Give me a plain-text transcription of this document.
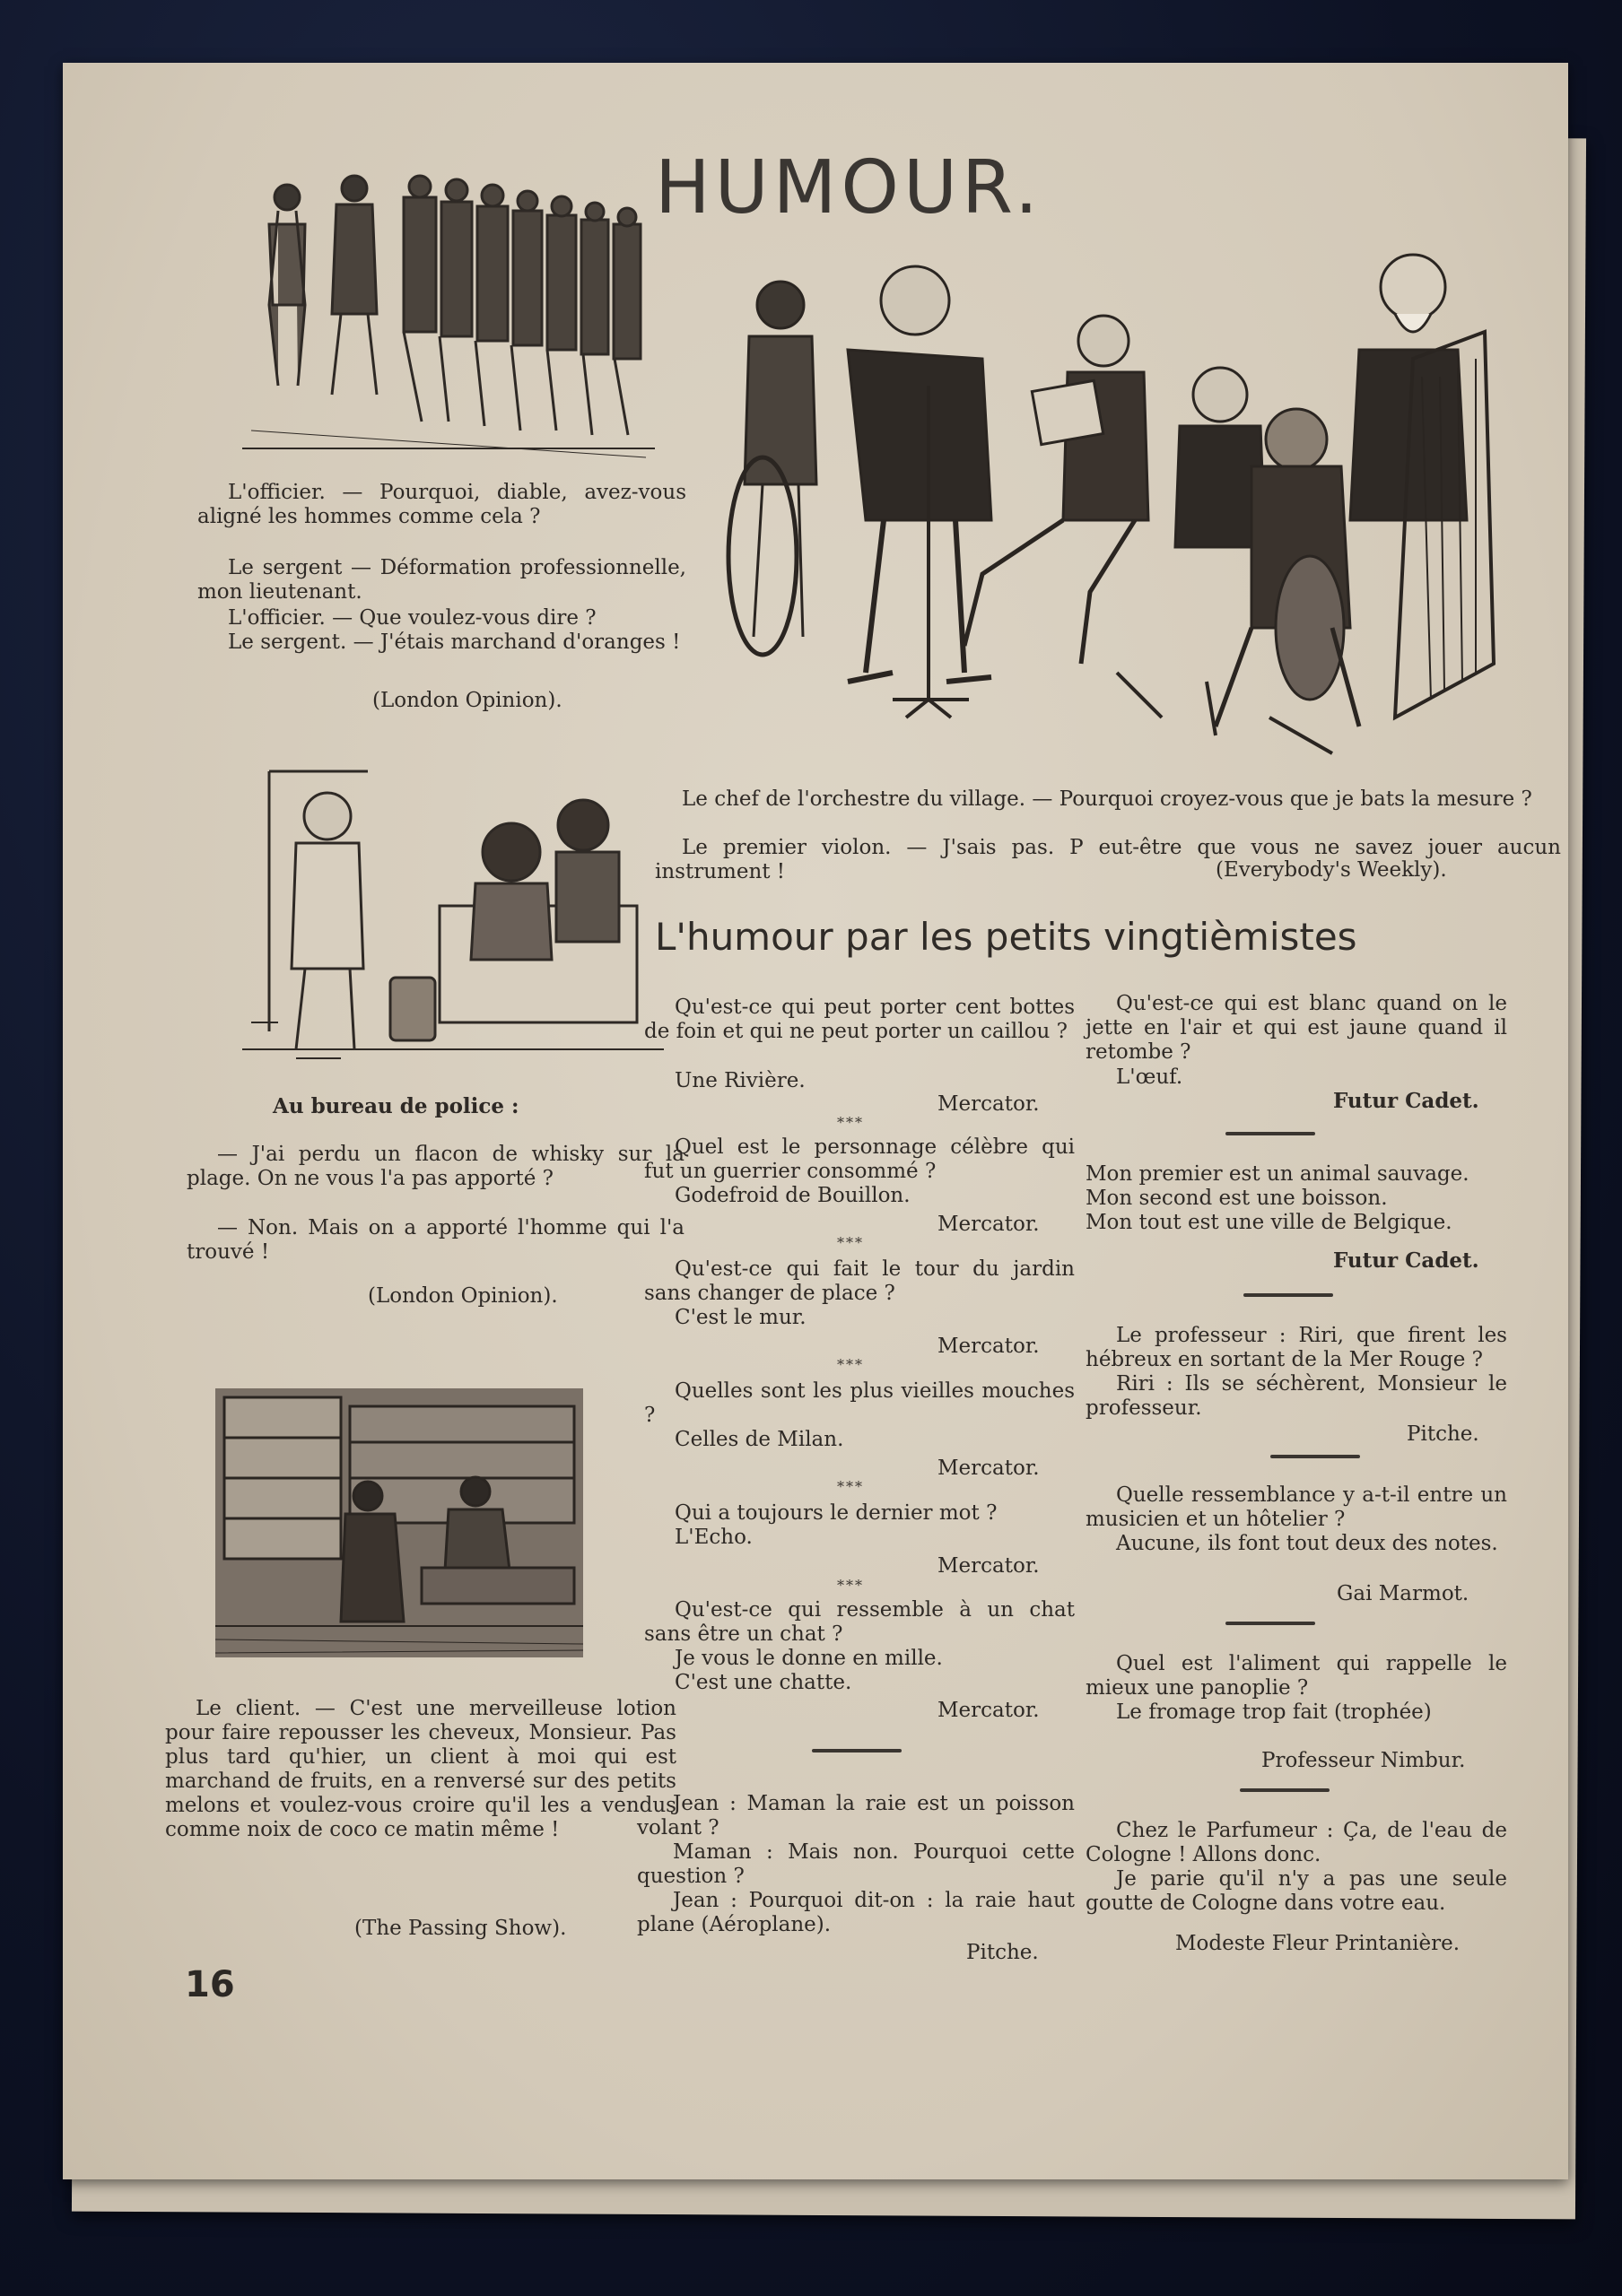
HUMOUR.

L'officier. — Pourquoi, diable, avez-vous aligné les hommes comme cela ?

Le sergent — Déformation professionnelle, mon lieutenant.

L'officier. — Que voulez-vous dire ?

Le sergent. — J'étais marchand d'oranges !

(London Opinion).

Le chef de l'orchestre du village. — Pourquoi croyez-vous que je bats la mesure ?

Le premier violon. — J'sais pas. P eut-être que vous ne savez jouer aucun instrument !	(Everybody's Weekly).

Au bureau de police :

— J'ai perdu un flacon de whisky sur la plage. On ne vous l'a pas apporté ?

— Non. Mais on a apporté l'homme qui l'a trouvé !

(London Opinion).

Le client. — C'est une merveilleuse lotion pour faire repousser les cheveux, Monsieur. Pas plus tard qu'hier, un client à moi qui est marchand de fruits, en a renversé sur des petits melons et voulez-vous croire qu'il les a vendus comme noix de coco ce matin même !

(The Passing Show).

L'humour par les petits vingtièmistes

Qu'est-ce qui peut porter cent bottes de foin et qui ne peut porter un caillou ?

Une Rivière.

Mercator.

***

Quel est le personnage célèbre qui fut un guerrier consommé ?

Godefroid de Bouillon.

Mercator.

***

Qu'est-ce qui fait le tour du jardin sans changer de place ?

C'est le mur.

Mercator.

***

Quelles sont les plus vieilles mouches ?

Celles de Milan.

Mercator.

***

Qui a toujours le dernier mot ?

L'Echo.

Mercator.

***

Qu'est-ce qui ressemble à un chat sans être un chat ?

Je vous le donne en mille.

C'est une chatte.

Mercator.

Jean : Maman la raie est un poisson volant ?

Maman : Mais non. Pourquoi cette question ?

Jean : Pourquoi dit-on : la raie haut plane (Aéroplane).

Pitche.

Qu'est-ce qui est blanc quand on le jette en l'air et qui est jaune quand il retombe ?

L'œuf.

Futur Cadet.

Mon premier est un animal sauvage.

Mon second est une boisson.

Mon tout est une ville de Belgique.

Futur Cadet.

Le professeur : Riri, que firent les hébreux en sortant de la Mer Rouge ?

Riri : Ils se séchèrent, Monsieur le professeur.

Pitche.

Quelle ressemblance y a-t-il entre un musicien et un hôtelier ?

Aucune, ils font tout deux des notes.

Gai Marmot.

Quel est l'aliment qui rappelle le mieux une panoplie ?

Le fromage trop fait (trophée)

Professeur Nimbur.

Chez le Parfumeur : Ça, de l'eau de Cologne ! Allons donc.

Je parie qu'il n'y a pas une seule goutte de Cologne dans votre eau.

Modeste Fleur Printanière.

16
